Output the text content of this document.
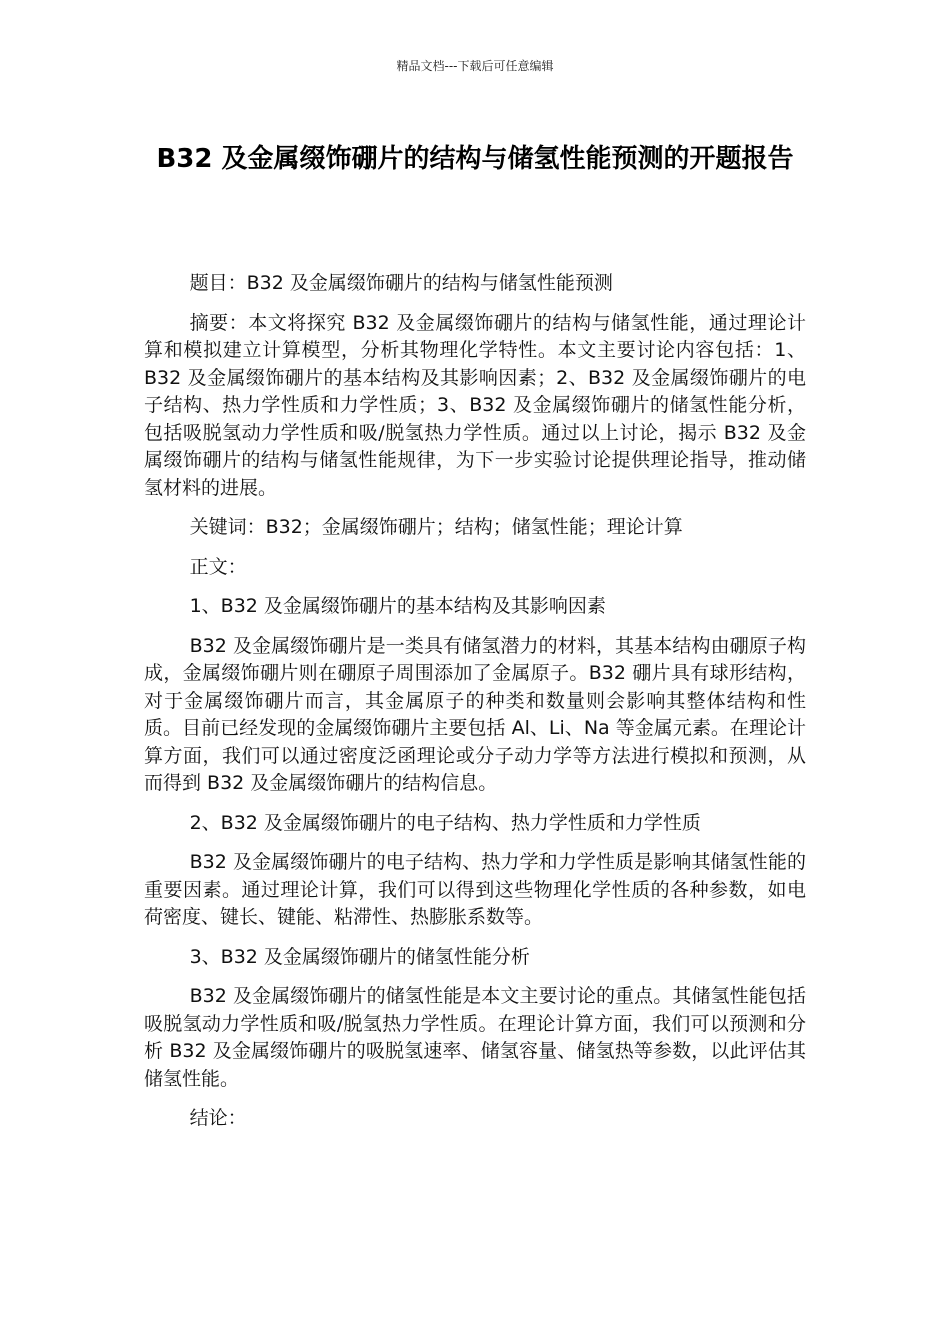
精品文档---下载后可任意编辑
B32 及金属缀饰硼片的结构与储氢性能预测的开题报告

题目：B32 及金属缀饰硼片的结构与储氢性能预测

摘要：本文将探究 B32 及金属缀饰硼片的结构与储氢性能，通过理论计算和模拟建立计算模型，分析其物理化学特性。本文主要讨论内容包括：1、B32 及金属缀饰硼片的基本结构及其影响因素；2、B32 及金属缀饰硼片的电子结构、热力学性质和力学性质；3、B32 及金属缀饰硼片的储氢性能分析，包括吸脱氢动力学性质和吸/脱氢热力学性质。通过以上讨论，揭示 B32 及金属缀饰硼片的结构与储氢性能规律，为下一步实验讨论提供理论指导，推动储氢材料的进展。

关键词：B32；金属缀饰硼片；结构；储氢性能；理论计算

正文：

1、B32 及金属缀饰硼片的基本结构及其影响因素

B32 及金属缀饰硼片是一类具有储氢潜力的材料，其基本结构由硼原子构成，金属缀饰硼片则在硼原子周围添加了金属原子。B32 硼片具有球形结构，对于金属缀饰硼片而言，其金属原子的种类和数量则会影响其整体结构和性质。目前已经发现的金属缀饰硼片主要包括 Al、Li、Na 等金属元素。在理论计算方面，我们可以通过密度泛函理论或分子动力学等方法进行模拟和预测，从而得到 B32 及金属缀饰硼片的结构信息。

2、B32 及金属缀饰硼片的电子结构、热力学性质和力学性质

B32 及金属缀饰硼片的电子结构、热力学和力学性质是影响其储氢性能的重要因素。通过理论计算，我们可以得到这些物理化学性质的各种参数，如电荷密度、键长、键能、粘滞性、热膨胀系数等。

3、B32 及金属缀饰硼片的储氢性能分析

B32 及金属缀饰硼片的储氢性能是本文主要讨论的重点。其储氢性能包括吸脱氢动力学性质和吸/脱氢热力学性质。在理论计算方面，我们可以预测和分析 B32 及金属缀饰硼片的吸脱氢速率、储氢容量、储氢热等参数，以此评估其储氢性能。

结论：
